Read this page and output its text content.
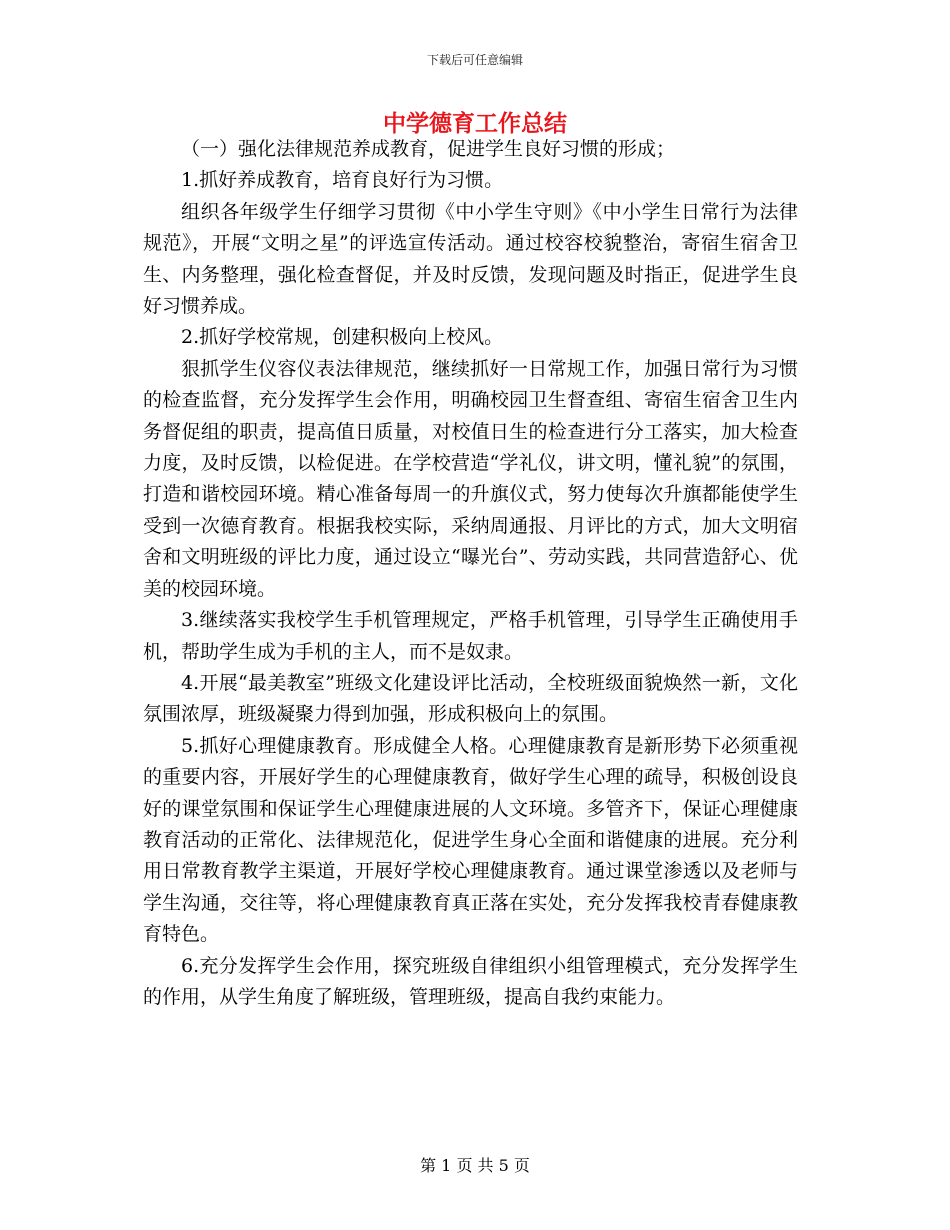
下载后可任意编辑
中学德育工作总结

（一）强化法律规范养成教育，促进学生良好习惯的形成；

1.抓好养成教育，培育良好行为习惯。

组织各年级学生仔细学习贯彻《中小学生守则》《中小学生日常行为法律规范》，开展“文明之星”的评选宣传活动。通过校容校貌整治，寄宿生宿舍卫生、内务整理，强化检查督促，并及时反馈，发现问题及时指正，促进学生良好习惯养成。

2.抓好学校常规，创建积极向上校风。

狠抓学生仪容仪表法律规范，继续抓好一日常规工作，加强日常行为习惯的检查监督，充分发挥学生会作用，明确校园卫生督查组、寄宿生宿舍卫生内务督促组的职责，提高值日质量，对校值日生的检查进行分工落实，加大检查力度，及时反馈，以检促进。在学校营造“学礼仪，讲文明，懂礼貌”的氛围，打造和谐校园环境。精心准备每周一的升旗仪式，努力使每次升旗都能使学生受到一次德育教育。根据我校实际，采纳周通报、月评比的方式，加大文明宿舍和文明班级的评比力度，通过设立“曝光台”、劳动实践，共同营造舒心、优美的校园环境。

3.继续落实我校学生手机管理规定，严格手机管理，引导学生正确使用手机，帮助学生成为手机的主人，而不是奴隶。

4.开展“最美教室”班级文化建设评比活动，全校班级面貌焕然一新，文化氛围浓厚，班级凝聚力得到加强，形成积极向上的氛围。

5.抓好心理健康教育。形成健全人格。心理健康教育是新形势下必须重视的重要内容，开展好学生的心理健康教育，做好学生心理的疏导，积极创设良好的课堂氛围和保证学生心理健康进展的人文环境。多管齐下，保证心理健康教育活动的正常化、法律规范化，促进学生身心全面和谐健康的进展。充分利用日常教育教学主渠道，开展好学校心理健康教育。通过课堂渗透以及老师与学生沟通，交往等，将心理健康教育真正落在实处，充分发挥我校青春健康教育特色。

6.充分发挥学生会作用，探究班级自律组织小组管理模式，充分发挥学生的作用，从学生角度了解班级，管理班级，提高自我约束能力。

第 1 页 共 5 页
